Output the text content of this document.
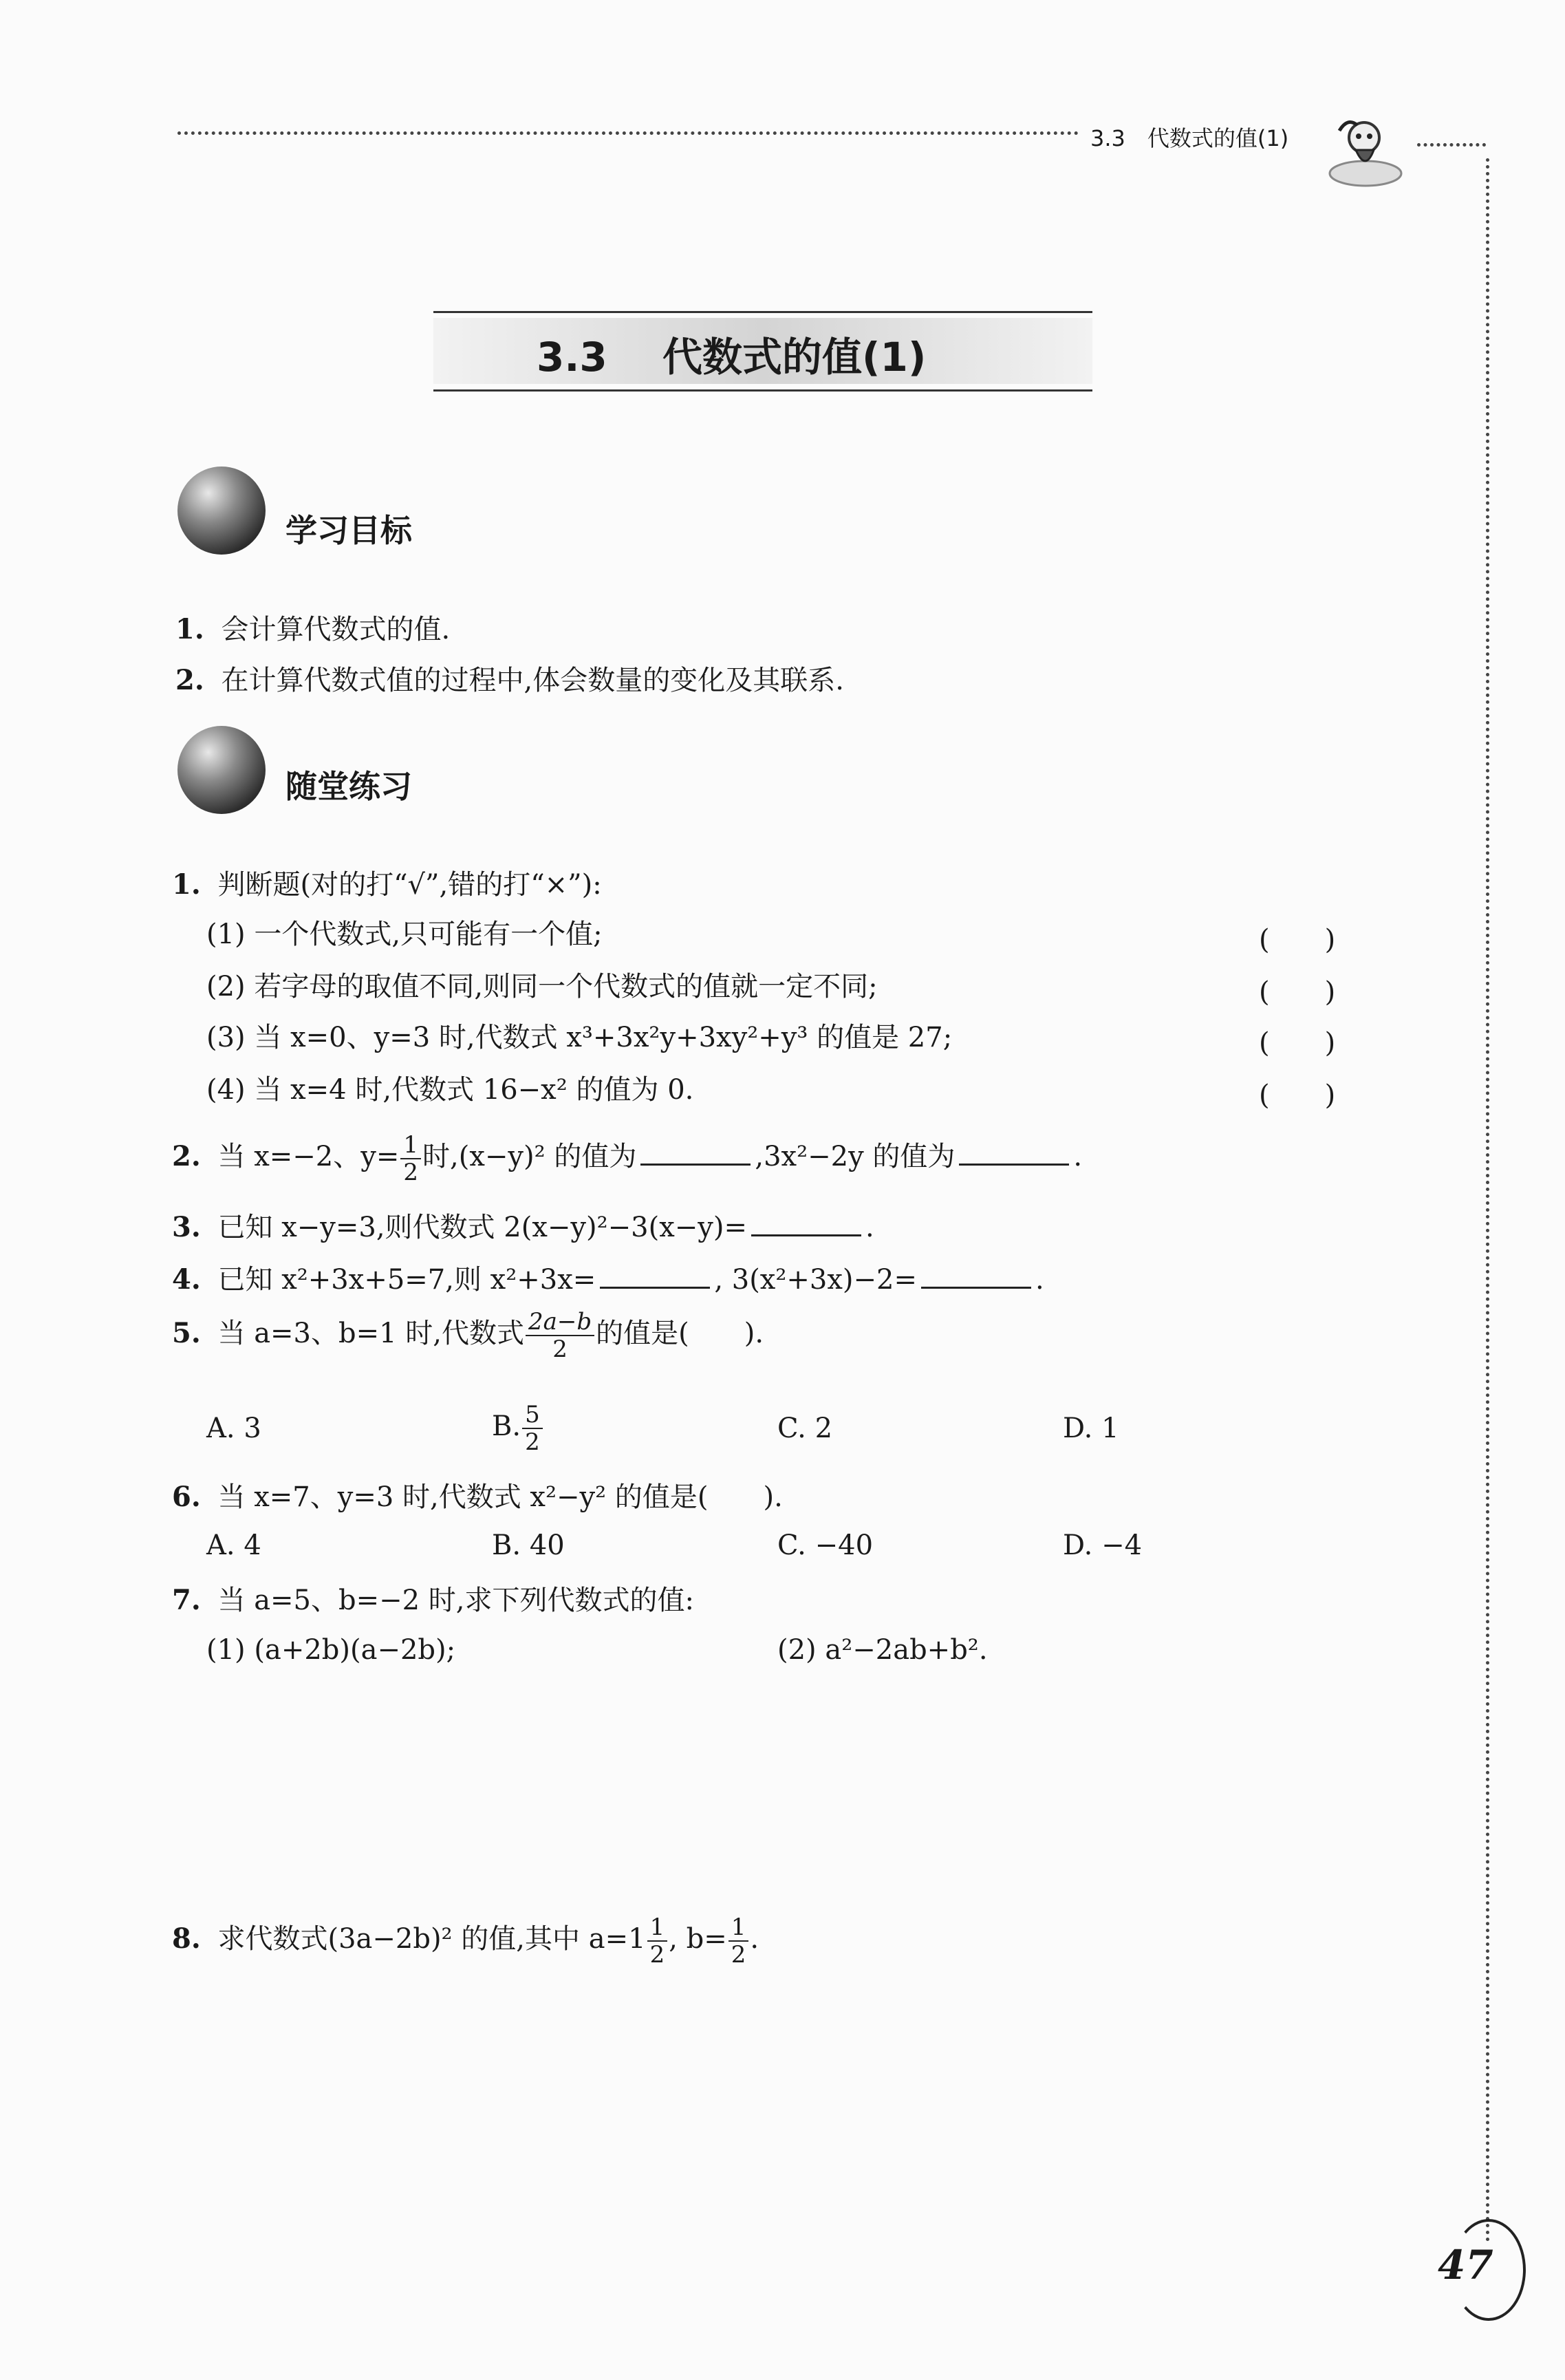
3.3　代数式的值(1)
3.3 代数式的值(1)
学习目标
1. 会计算代数式的值.
2. 在计算代数式值的过程中,体会数量的变化及其联系.
随堂练习
1. 判断题(对的打“√”,错的打“×”):
(1) 一个代数式,只可能有一个值;	(　　)
(2) 若字母的取值不同,则同一个代数式的值就一定不同;	(　　)
(3) 当 x=0、y=3 时,代数式 x³+3x²y+3xy²+y³ 的值是 27;	(　　)
(4) 当 x=4 时,代数式 16−x² 的值为 0.	(　　)
2. 当 x=−2、$y= \frac{1}{2}$ 时,(x−y)² 的值为	,3x²−2y 的值为	.
3. 已知 x−y=3,则代数式 2(x−y)²−3(x−y)=	.
4. 已知 x²+3x+5=7,则 x²+3x=	, 3(x²+3x)−2=	.
5. 当 a=3、b=1 时,代数式 $\frac{2a-b}{2}$ 的值是(　　).
A. 3	B. $\frac{5}{2}$	C. 2	D. 1
6. 当 x=7、y=3 时,代数式 x²−y² 的值是(　　).
A. 4	B. 40	C. −40	D. −4
7. 当 a=5、b=−2 时,求下列代数式的值:
(1) (a+2b)(a−2b);	(2) a²−2ab+b².
8. 求代数式(3a−2b)² 的值,其中 $a=1 \frac{1}{2}$ , $b= \frac{1}{2}$ .
47
